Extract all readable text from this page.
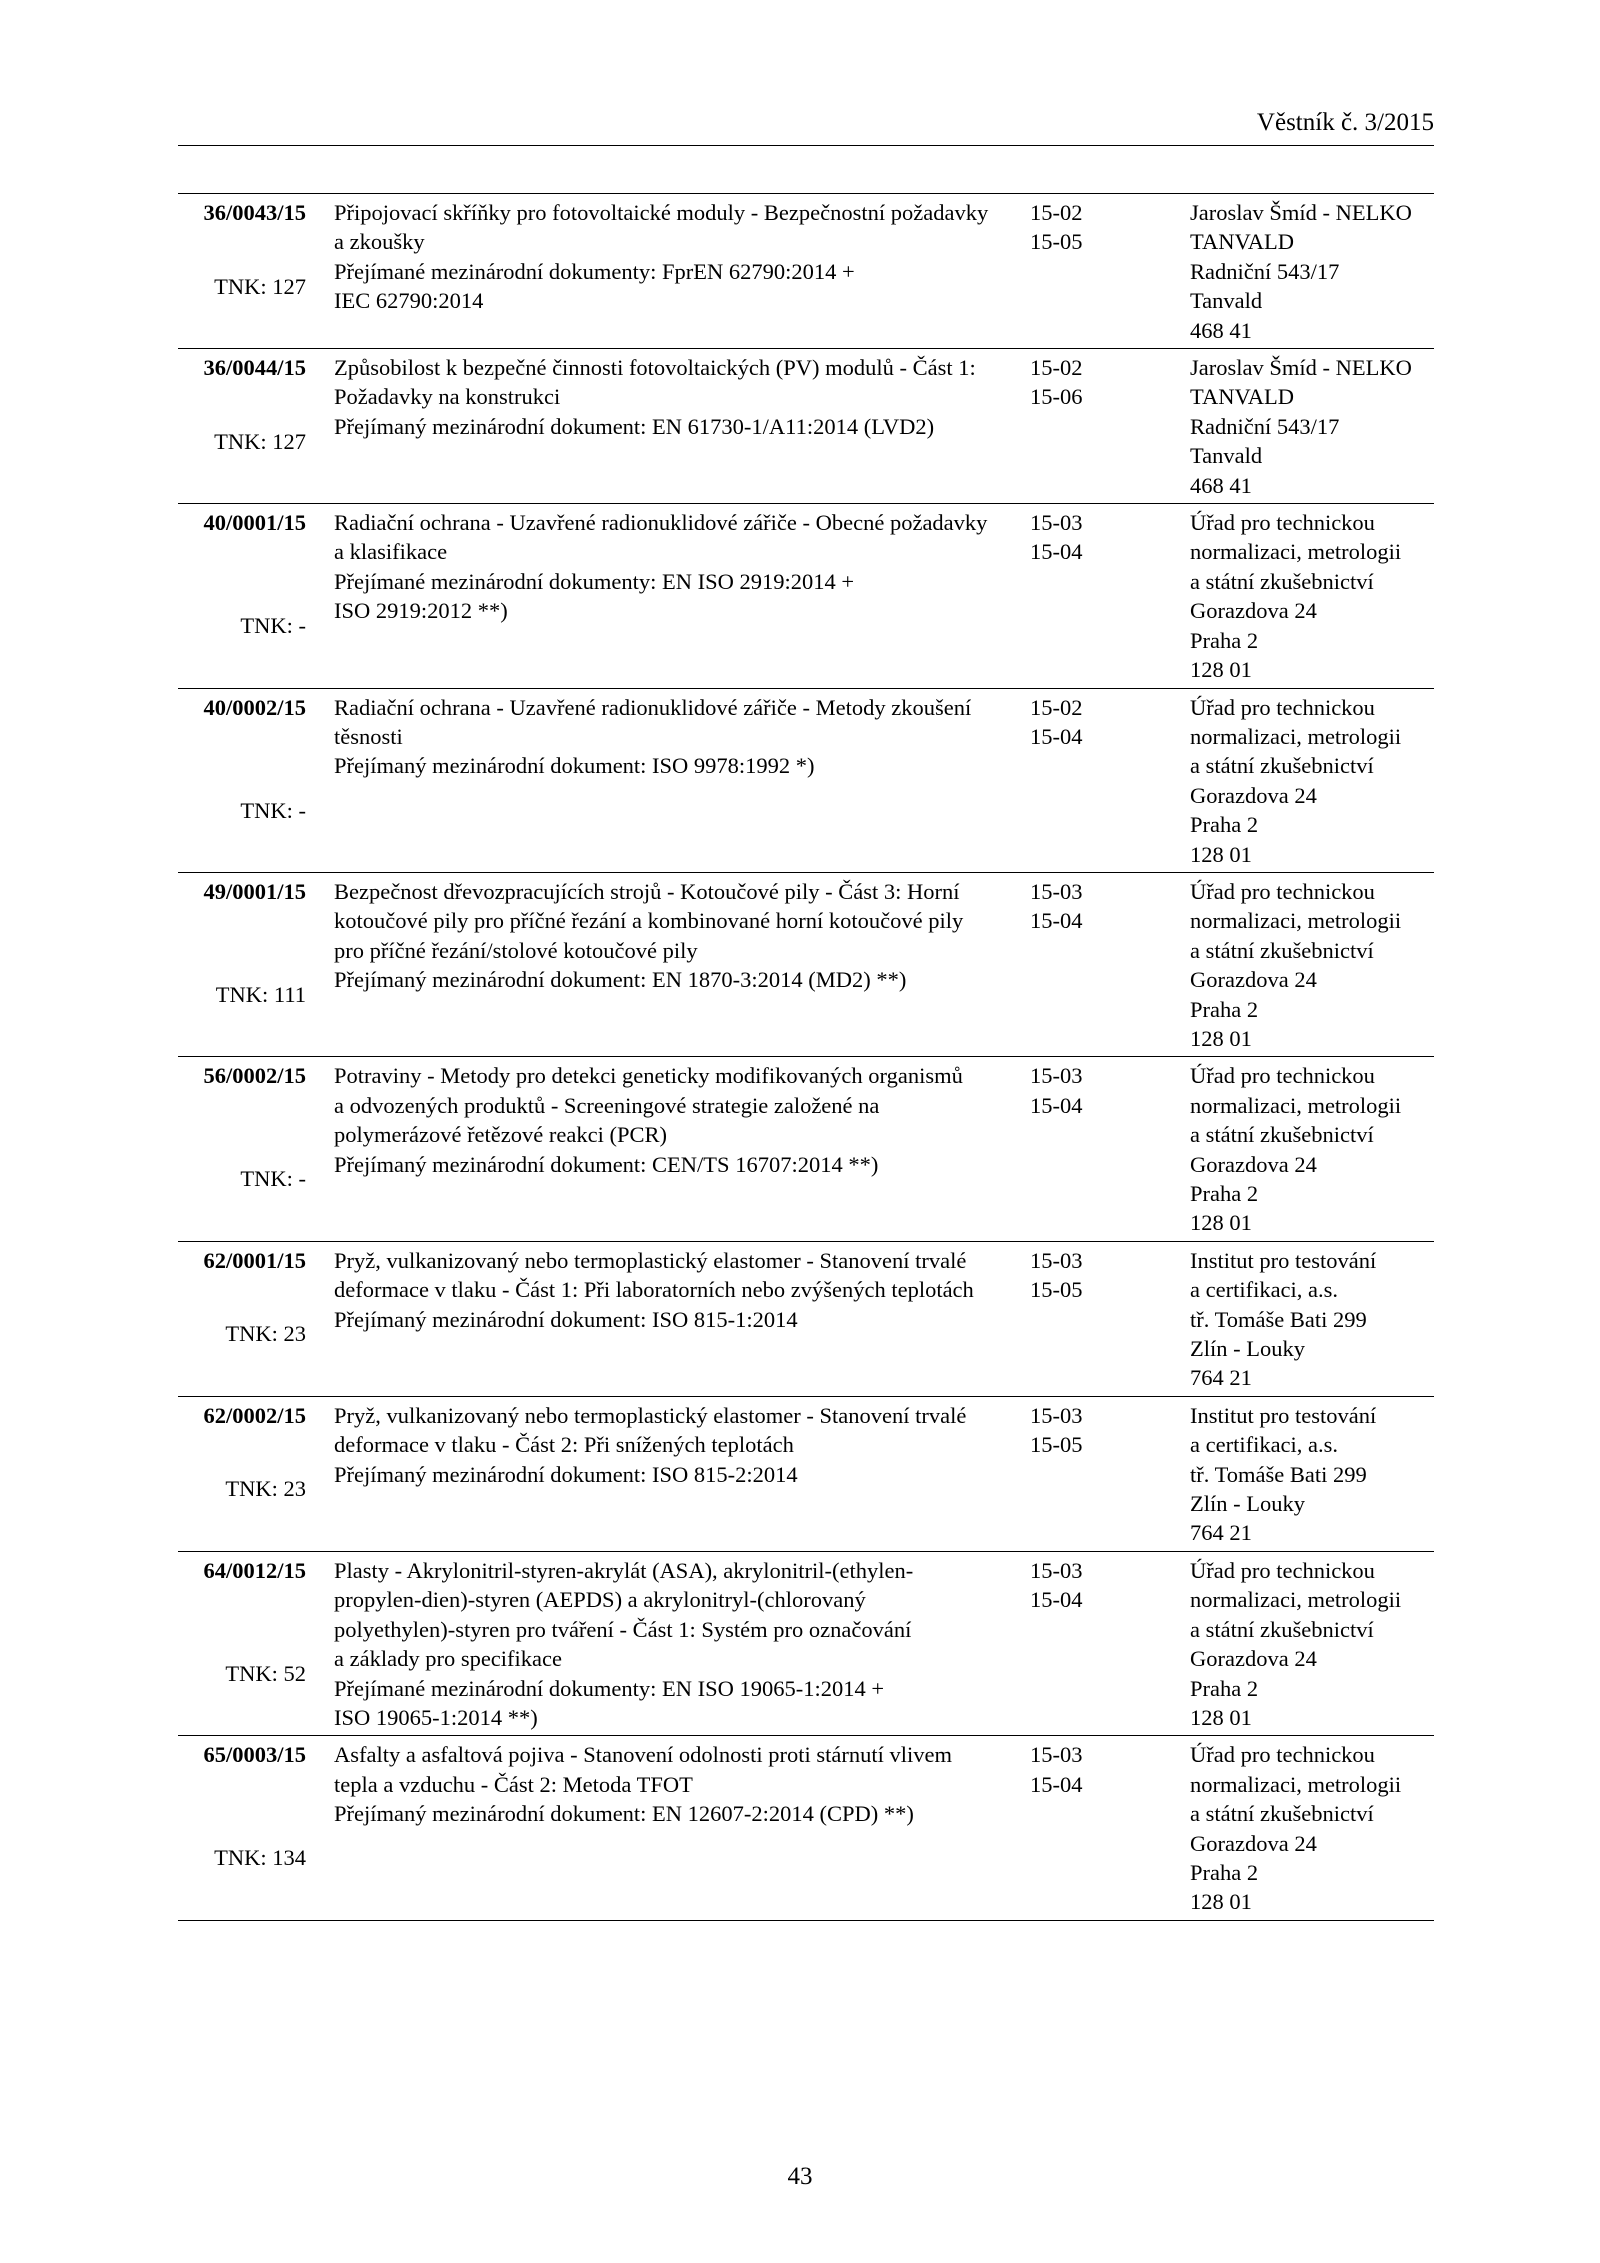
Věstník č. 3/2015
36/0043/15
TNK: 127
Připojovací skříňky pro fotovoltaické moduly - Bezpečnostní požadavky
a zkoušky
Přejímané mezinárodní dokumenty: FprEN 62790:2014 +
IEC 62790:2014
15-02
15-05
Jaroslav Šmíd - NELKO
TANVALD
Radniční 543/17
Tanvald
468 41
36/0044/15
TNK: 127
Způsobilost k bezpečné činnosti fotovoltaických (PV) modulů - Část 1:
Požadavky na konstrukci
Přejímaný mezinárodní dokument: EN 61730-1/A11:2014 (LVD2)
15-02
15-06
Jaroslav Šmíd - NELKO
TANVALD
Radniční 543/17
Tanvald
468 41
40/0001/15
TNK: -
Radiační ochrana - Uzavřené radionuklidové zářiče - Obecné požadavky
a klasifikace
Přejímané mezinárodní dokumenty: EN ISO 2919:2014 +
ISO 2919:2012 **)
15-03
15-04
Úřad pro technickou
normalizaci, metrologii
a státní zkušebnictví
Gorazdova 24
Praha 2
128 01
40/0002/15
TNK: -
Radiační ochrana - Uzavřené radionuklidové zářiče - Metody zkoušení
těsnosti
Přejímaný mezinárodní dokument: ISO 9978:1992 *)
15-02
15-04
Úřad pro technickou
normalizaci, metrologii
a státní zkušebnictví
Gorazdova 24
Praha 2
128 01
49/0001/15
TNK: 111
Bezpečnost dřevozpracujících strojů - Kotoučové pily - Část 3: Horní
kotoučové pily pro příčné řezání a kombinované horní kotoučové pily
pro příčné řezání/stolové kotoučové pily
Přejímaný mezinárodní dokument: EN 1870-3:2014 (MD2) **)
15-03
15-04
Úřad pro technickou
normalizaci, metrologii
a státní zkušebnictví
Gorazdova 24
Praha 2
128 01
56/0002/15
TNK: -
Potraviny - Metody pro detekci geneticky modifikovaných organismů
a odvozených produktů - Screeningové strategie založené na
polymerázové řetězové reakci (PCR)
Přejímaný mezinárodní dokument: CEN/TS 16707:2014 **)
15-03
15-04
Úřad pro technickou
normalizaci, metrologii
a státní zkušebnictví
Gorazdova 24
Praha 2
128 01
62/0001/15
TNK: 23
Pryž, vulkanizovaný nebo termoplastický elastomer - Stanovení trvalé
deformace v tlaku - Část 1: Při laboratorních nebo zvýšených teplotách
Přejímaný mezinárodní dokument: ISO 815-1:2014
15-03
15-05
Institut pro testování
a certifikaci, a.s.
tř. Tomáše Bati 299
Zlín - Louky
764 21
62/0002/15
TNK: 23
Pryž, vulkanizovaný nebo termoplastický elastomer - Stanovení trvalé
deformace v tlaku - Část 2: Při snížených teplotách
Přejímaný mezinárodní dokument: ISO 815-2:2014
15-03
15-05
Institut pro testování
a certifikaci, a.s.
tř. Tomáše Bati 299
Zlín - Louky
764 21
64/0012/15
TNK: 52
Plasty - Akrylonitril-styren-akrylát (ASA), akrylonitril-(ethylen-
propylen-dien)-styren (AEPDS) a akrylonitryl-(chlorovaný
polyethylen)-styren pro tváření - Část 1: Systém pro označování
a základy pro specifikace
Přejímané mezinárodní dokumenty: EN ISO 19065-1:2014 +
ISO 19065-1:2014 **)
15-03
15-04
Úřad pro technickou
normalizaci, metrologii
a státní zkušebnictví
Gorazdova 24
Praha 2
128 01
65/0003/15
TNK: 134
Asfalty a asfaltová pojiva - Stanovení odolnosti proti stárnutí vlivem
tepla a vzduchu - Část 2: Metoda TFOT
Přejímaný mezinárodní dokument: EN 12607-2:2014 (CPD) **)
15-03
15-04
Úřad pro technickou
normalizaci, metrologii
a státní zkušebnictví
Gorazdova 24
Praha 2
128 01
43
